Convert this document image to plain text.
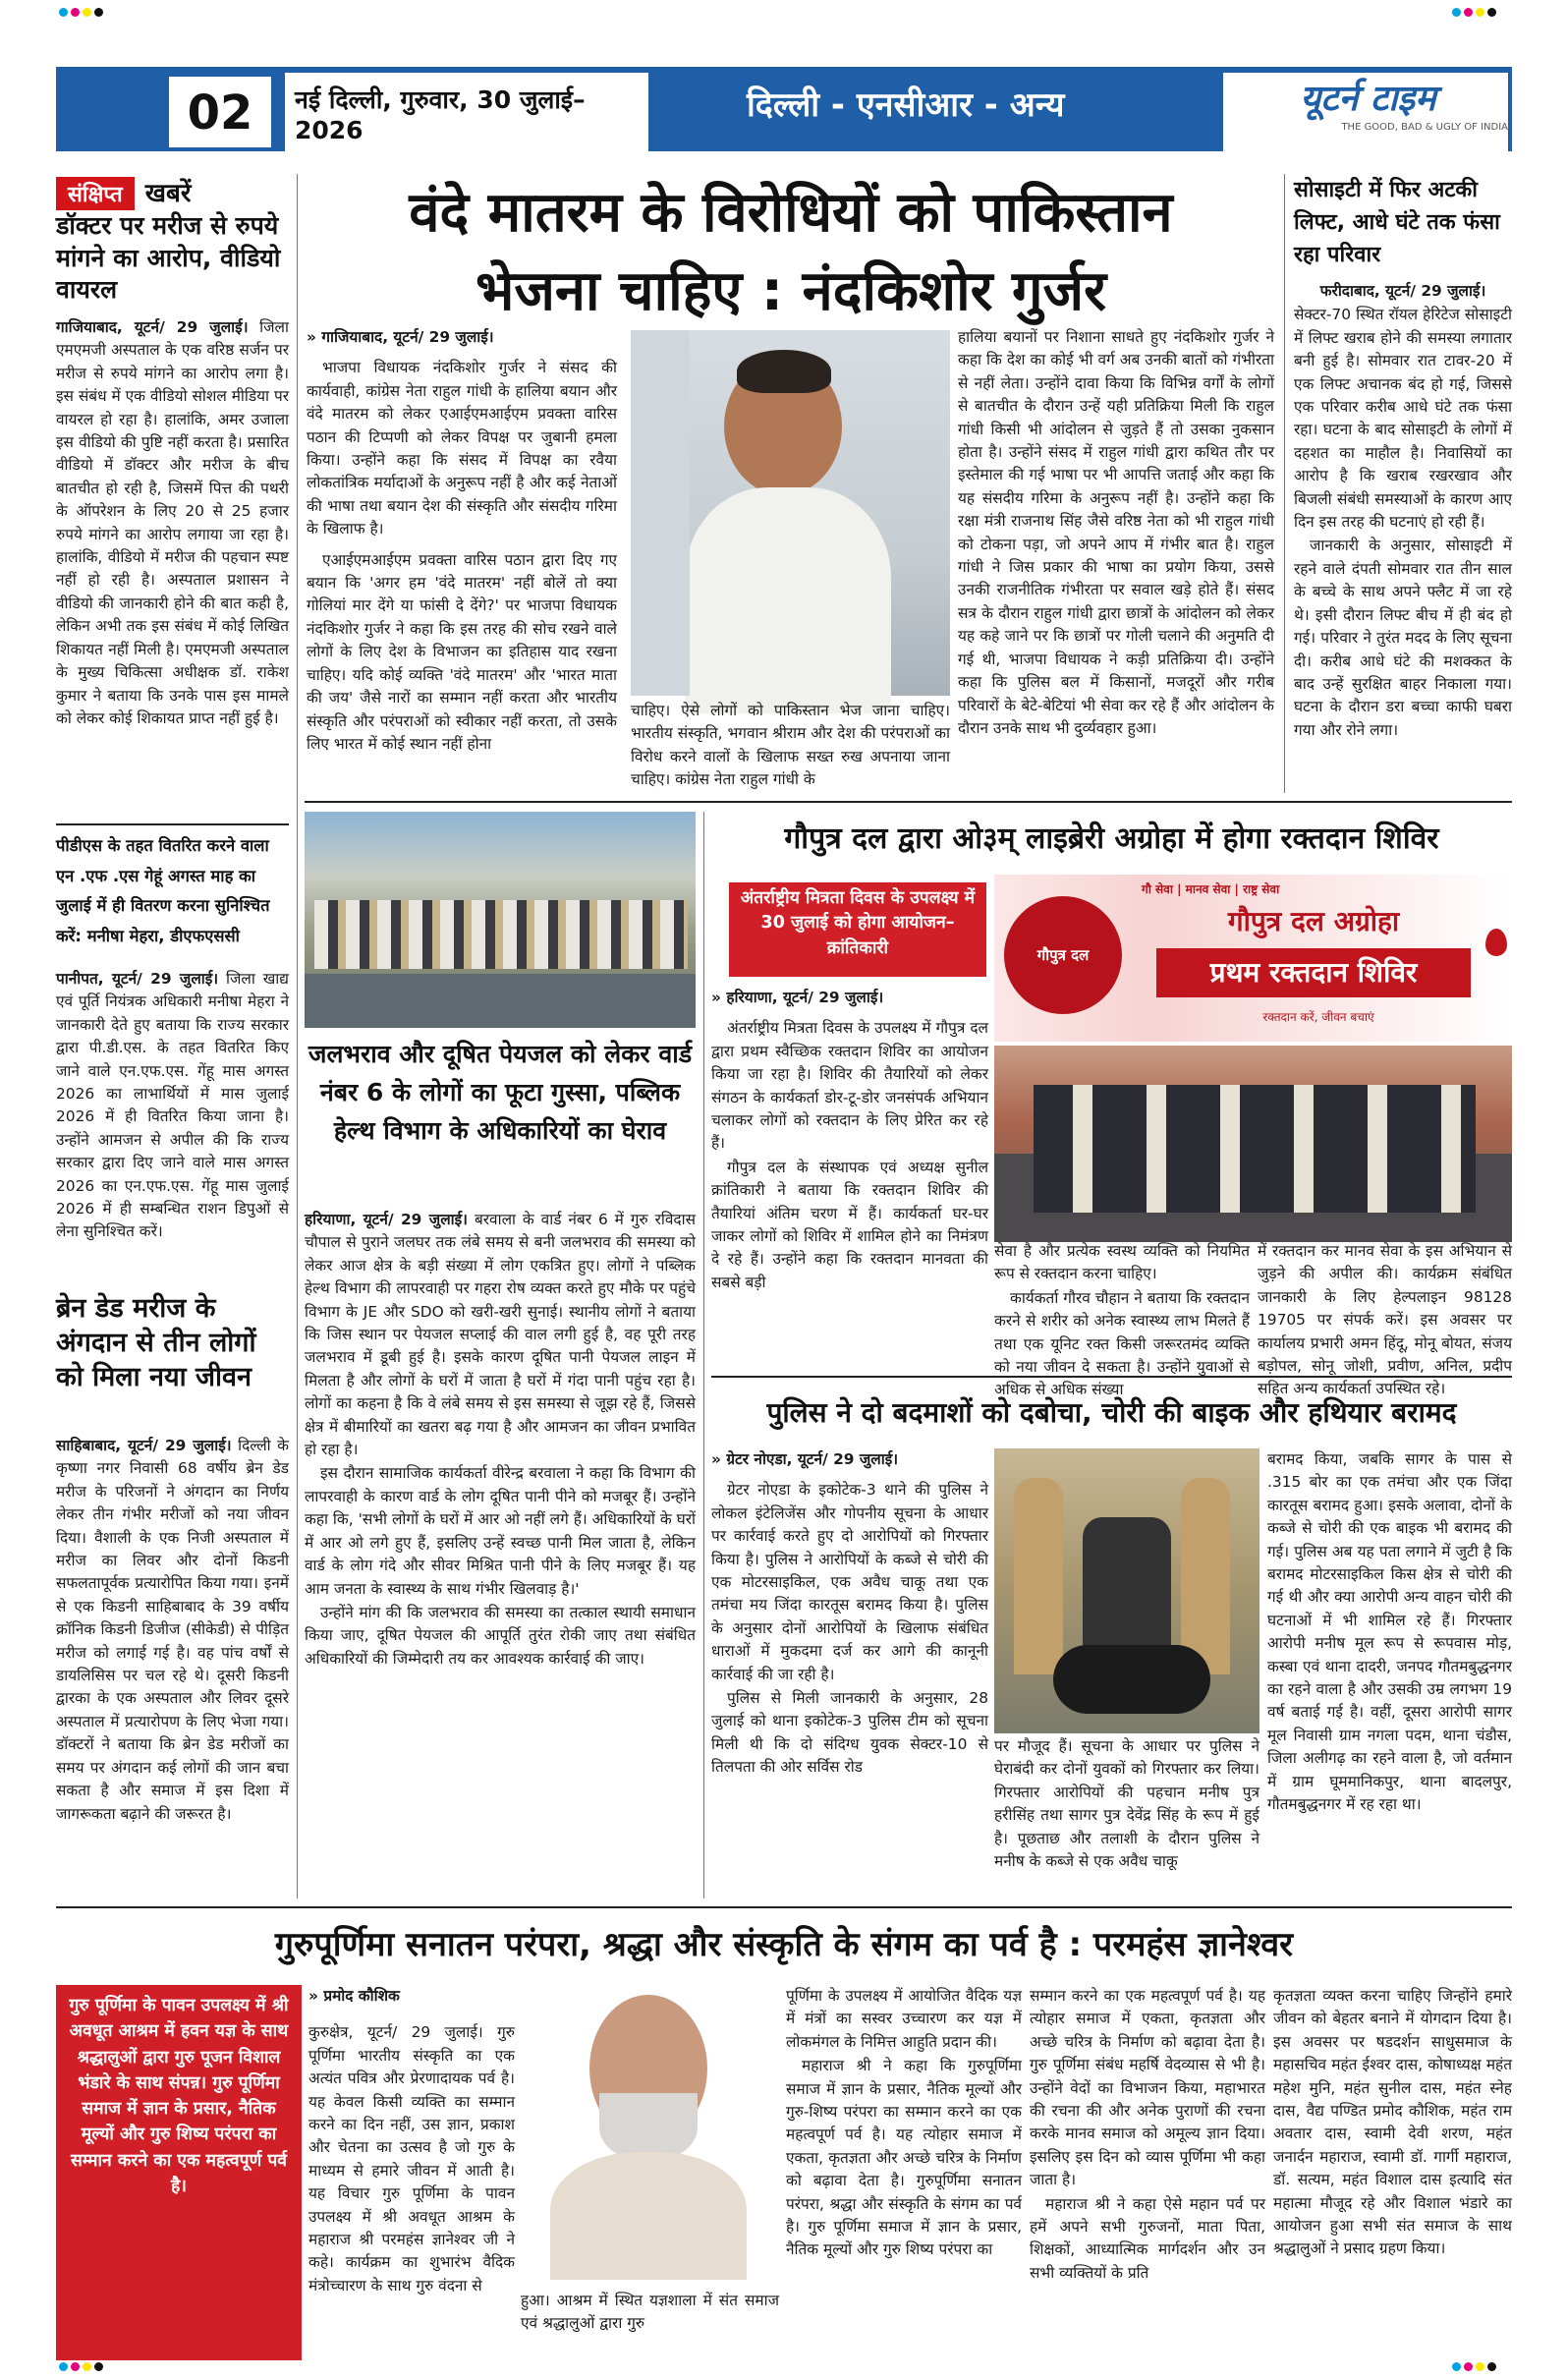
02	नई दिल्ली, गुरुवार, 30 जुलाई–2026
दिल्ली - एनसीआर - अन्य	यूटर्न टाइम
THE GOOD, BAD & UGLY OF INDIA
संक्षिप्त खबरें
डॉक्टर पर मरीज से रुपये मांगने का आरोप, वीडियो वायरल

गाजियाबाद, यूटर्न/ 29 जुलाई। जिला एमएमजी अस्पताल के एक वरिष्ठ सर्जन पर मरीज से रुपये मांगने का आरोप लगा है। इस संबंध में एक वीडियो सोशल मीडिया पर वायरल हो रहा है। हालांकि, अमर उजाला इस वीडियो की पुष्टि नहीं करता है। प्रसारित वीडियो में डॉक्टर और मरीज के बीच बातचीत हो रही है, जिसमें पित्त की पथरी के ऑपरेशन के लिए 20 से 25 हजार रुपये मांगने का आरोप लगाया जा रहा है। हालांकि, वीडियो में मरीज की पहचान स्पष्ट नहीं हो रही है। अस्पताल प्रशासन ने वीडियो की जानकारी होने की बात कही है, लेकिन अभी तक इस संबंध में कोई लिखित शिकायत नहीं मिली है। एमएमजी अस्पताल के मुख्य चिकित्सा अधीक्षक डॉ. राकेश कुमार ने बताया कि उनके पास इस मामले को लेकर कोई शिकायत प्राप्त नहीं हुई है।

पीडीएस के तहत वितरित करने वाला एन .एफ .एस गेहूं अगस्त माह का जुलाई में ही वितरण करना सुनिश्चित करें: मनीषा मेहरा, डीएफएससी

पानीपत, यूटर्न/ 29 जुलाई। जिला खाद्य एवं पूर्ति नियंत्रक अधिकारी मनीषा मेहरा ने जानकारी देते हुए बताया कि राज्य सरकार द्वारा पी.डी.एस. के तहत वितरित किए जाने वाले एन.एफ.एस. गेंहू मास अगस्त 2026 का लाभार्थियों में मास जुलाई 2026 में ही वितरित किया जाना है। उन्होंने आमजन से अपील की कि राज्य सरकार द्वारा दिए जाने वाले मास अगस्त 2026 का एन.एफ.एस. गेंहू मास जुलाई 2026 में ही सम्बन्धित राशन डिपुओं से लेना सुनिश्चित करें।

ब्रेन डेड मरीज के अंगदान से तीन लोगों को मिला नया जीवन

साहिबाबाद, यूटर्न/ 29 जुलाई। दिल्ली के कृष्णा नगर निवासी 68 वर्षीय ब्रेन डेड मरीज के परिजनों ने अंगदान का निर्णय लेकर तीन गंभीर मरीजों को नया जीवन दिया। वैशाली के एक निजी अस्पताल में मरीज का लिवर और दोनों किडनी सफलतापूर्वक प्रत्यारोपित किया गया। इनमें से एक किडनी साहिबाबाद के 39 वर्षीय क्रॉनिक किडनी डिजीज (सीकेडी) से पीड़ित मरीज को लगाई गई है। वह पांच वर्षों से डायलिसिस पर चल रहे थे। दूसरी किडनी द्वारका के एक अस्पताल और लिवर दूसरे अस्पताल में प्रत्यारोपण के लिए भेजा गया। डॉक्टरों ने बताया कि ब्रेन डेड मरीजों का समय पर अंगदान कई लोगों की जान बचा सकता है और समाज में इस दिशा में जागरूकता बढ़ाने की जरूरत है।

वंदे मातरम के विरोधियों को पाकिस्तान
भेजना चाहिए : नंदकिशोर गुर्जर

» गाजियाबाद, यूटर्न/ 29 जुलाई।

भाजपा विधायक नंदकिशोर गुर्जर ने संसद की कार्यवाही, कांग्रेस नेता राहुल गांधी के हालिया बयान और वंदे मातरम को लेकर एआईएमआईएम प्रवक्ता वारिस पठान की टिप्पणी को लेकर विपक्ष पर जुबानी हमला किया। उन्होंने कहा कि संसद में विपक्ष का रवैया लोकतांत्रिक मर्यादाओं के अनुरूप नहीं है और कई नेताओं की भाषा तथा बयान देश की संस्कृति और संसदीय गरिमा के खिलाफ है।

एआईएमआईएम प्रवक्ता वारिस पठान द्वारा दिए गए बयान कि 'अगर हम 'वंदे मातरम' नहीं बोलें तो क्या गोलियां मार देंगे या फांसी दे देंगे?' पर भाजपा विधायक नंदकिशोर गुर्जर ने कहा कि इस तरह की सोच रखने वाले लोगों के लिए देश के विभाजन का इतिहास याद रखना चाहिए। यदि कोई व्यक्ति 'वंदे मातरम' और 'भारत माता की जय' जैसे नारों का सम्मान नहीं करता और भारतीय संस्कृति और परंपराओं को स्वीकार नहीं करता, तो उसके लिए भारत में कोई स्थान नहीं होना

चाहिए। ऐसे लोगों को पाकिस्तान भेज जाना चाहिए। भारतीय संस्कृति, भगवान श्रीराम और देश की परंपराओं का विरोध करने वालों के खिलाफ सख्त रुख अपनाया जाना चाहिए। कांग्रेस नेता राहुल गांधी के

हालिया बयानों पर निशाना साधते हुए नंदकिशोर गुर्जर ने कहा कि देश का कोई भी वर्ग अब उनकी बातों को गंभीरता से नहीं लेता। उन्होंने दावा किया कि विभिन्न वर्गों के लोगों से बातचीत के दौरान उन्हें यही प्रतिक्रिया मिली कि राहुल गांधी किसी भी आंदोलन से जुड़ते हैं तो उसका नुकसान होता है। उन्होंने संसद में राहुल गांधी द्वारा कथित तौर पर इस्तेमाल की गई भाषा पर भी आपत्ति जताई और कहा कि यह संसदीय गरिमा के अनुरूप नहीं है। उन्होंने कहा कि रक्षा मंत्री राजनाथ सिंह जैसे वरिष्ठ नेता को भी राहुल गांधी को टोकना पड़ा, जो अपने आप में गंभीर बात है। राहुल गांधी ने जिस प्रकार की भाषा का प्रयोग किया, उससे उनकी राजनीतिक गंभीरता पर सवाल खड़े होते हैं। संसद सत्र के दौरान राहुल गांधी द्वारा छात्रों के आंदोलन को लेकर यह कहे जाने पर कि छात्रों पर गोली चलाने की अनुमति दी गई थी, भाजपा विधायक ने कड़ी प्रतिक्रिया दी। उन्होंने कहा कि पुलिस बल में किसानों, मजदूरों और गरीब परिवारों के बेटे-बेटियां भी सेवा कर रहे हैं और आंदोलन के दौरान उनके साथ भी दुर्व्यवहार हुआ।

सोसाइटी में फिर अटकी लिफ्ट, आधे घंटे तक फंसा रहा परिवार

फरीदाबाद, यूटर्न/ 29 जुलाई।

सेक्टर-70 स्थित रॉयल हेरिटेज सोसाइटी में लिफ्ट खराब होने की समस्या लगातार बनी हुई है। सोमवार रात टावर-20 में एक लिफ्ट अचानक बंद हो गई, जिससे एक परिवार करीब आधे घंटे तक फंसा रहा। घटना के बाद सोसाइटी के लोगों में दहशत का माहौल है। निवासियों का आरोप है कि खराब रखरखाव और बिजली संबंधी समस्याओं के कारण आए दिन इस तरह की घटनाएं हो रही हैं।

जानकारी के अनुसार, सोसाइटी में रहने वाले दंपती सोमवार रात तीन साल के बच्चे के साथ अपने फ्लैट में जा रहे थे। इसी दौरान लिफ्ट बीच में ही बंद हो गई। परिवार ने तुरंत मदद के लिए सूचना दी। करीब आधे घंटे की मशक्कत के बाद उन्हें सुरक्षित बाहर निकाला गया। घटना के दौरान डरा बच्चा काफी घबरा गया और रोने लगा।

जलभराव और दूषित पेयजल को लेकर वार्ड नंबर 6 के लोगों का फूटा गुस्सा, पब्लिक हेल्थ विभाग के अधिकारियों का घेराव

हरियाणा, यूटर्न/ 29 जुलाई। बरवाला के वार्ड नंबर 6 में गुरु रविदास चौपाल से पुराने जलघर तक लंबे समय से बनी जलभराव की समस्या को लेकर आज क्षेत्र के बड़ी संख्या में लोग एकत्रित हुए। लोगों ने पब्लिक हेल्थ विभाग की लापरवाही पर गहरा रोष व्यक्त करते हुए मौके पर पहुंचे विभाग के JE और SDO को खरी-खरी सुनाई। स्थानीय लोगों ने बताया कि जिस स्थान पर पेयजल सप्लाई की वाल लगी हुई है, वह पूरी तरह जलभराव में डूबी हुई है। इसके कारण दूषित पानी पेयजल लाइन में मिलता है और लोगों के घरों में जाता है घरों में गंदा पानी पहुंच रहा है। लोगों का कहना है कि वे लंबे समय से इस समस्या से जूझ रहे हैं, जिससे क्षेत्र में बीमारियों का खतरा बढ़ गया है और आमजन का जीवन प्रभावित हो रहा है।

इस दौरान सामाजिक कार्यकर्ता वीरेन्द्र बरवाला ने कहा कि विभाग की लापरवाही के कारण वार्ड के लोग दूषित पानी पीने को मजबूर हैं। उन्होंने कहा कि, 'सभी लोगों के घरों में आर ओ नहीं लगे हैं। अधिकारियों के घरों में आर ओ लगे हुए हैं, इसलिए उन्हें स्वच्छ पानी मिल जाता है, लेकिन वार्ड के लोग गंदे और सीवर मिश्रित पानी पीने के लिए मजबूर हैं। यह आम जनता के स्वास्थ्य के साथ गंभीर खिलवाड़ है।'

उन्होंने मांग की कि जलभराव की समस्या का तत्काल स्थायी समाधान किया जाए, दूषित पेयजल की आपूर्ति तुरंत रोकी जाए तथा संबंधित अधिकारियों की जिम्मेदारी तय कर आवश्यक कार्रवाई की जाए।

गौपुत्र दल द्वारा ओ३म् लाइब्रेरी अग्रोहा में होगा रक्तदान शिविर
अंतर्राष्ट्रीय मित्रता दिवस के उपलक्ष्य में 30 जुलाई को होगा आयोजन–क्रांतिकारी

» हरियाणा, यूटर्न/ 29 जुलाई।

अंतर्राष्ट्रीय मित्रता दिवस के उपलक्ष्य में गौपुत्र दल द्वारा प्रथम स्वैच्छिक रक्तदान शिविर का आयोजन किया जा रहा है। शिविर की तैयारियों को लेकर संगठन के कार्यकर्ता डोर-टू-डोर जनसंपर्क अभियान चलाकर लोगों को रक्तदान के लिए प्रेरित कर रहे हैं।

गौपुत्र दल के संस्थापक एवं अध्यक्ष सुनील क्रांतिकारी ने बताया कि रक्तदान शिविर की तैयारियां अंतिम चरण में हैं। कार्यकर्ता घर-घर जाकर लोगों को शिविर में शामिल होने का निमंत्रण दे रहे हैं। उन्होंने कहा कि रक्तदान मानवता की सबसे बड़ी

गौ सेवा | मानव सेवा | राष्ट्र सेवा
गौपुत्र दल
गौपुत्र दल अग्रोहा
प्रथम रक्तदान शिविर
रक्तदान करें, जीवन बचाएं

सेवा है और प्रत्येक स्वस्थ व्यक्ति को नियमित रूप से रक्तदान करना चाहिए।

कार्यकर्ता गौरव चौहान ने बताया कि रक्तदान करने से शरीर को अनेक स्वास्थ्य लाभ मिलते हैं तथा एक यूनिट रक्त किसी जरूरतमंद व्यक्ति को नया जीवन दे सकता है। उन्होंने युवाओं से अधिक से अधिक संख्या

में रक्तदान कर मानव सेवा के इस अभियान से जुड़ने की अपील की। कार्यक्रम संबंधित जानकारी के लिए हेल्पलाइन 98128 19705 पर संपर्क करें। इस अवसर पर कार्यालय प्रभारी अमन हिंदू, मोनू बोयत, संजय बड़ोपल, सोनू जोशी, प्रवीण, अनिल, प्रदीप सहित अन्य कार्यकर्ता उपस्थित रहे।

पुलिस ने दो बदमाशों को दबोचा, चोरी की बाइक और हथियार बरामद

» ग्रेटर नोएडा, यूटर्न/ 29 जुलाई।

ग्रेटर नोएडा के इकोटेक-3 थाने की पुलिस ने लोकल इंटेलिजेंस और गोपनीय सूचना के आधार पर कार्रवाई करते हुए दो आरोपियों को गिरफ्तार किया है। पुलिस ने आरोपियों के कब्जे से चोरी की एक मोटरसाइकिल, एक अवैध चाकू तथा एक तमंचा मय जिंदा कारतूस बरामद किया है। पुलिस के अनुसार दोनों आरोपियों के खिलाफ संबंधित धाराओं में मुकदमा दर्ज कर आगे की कानूनी कार्रवाई की जा रही है।

पुलिस से मिली जानकारी के अनुसार, 28 जुलाई को थाना इकोटेक-3 पुलिस टीम को सूचना मिली थी कि दो संदिग्ध युवक सेक्टर-10 से तिलपता की ओर सर्विस रोड

पर मौजूद हैं। सूचना के आधार पर पुलिस ने घेराबंदी कर दोनों युवकों को गिरफ्तार कर लिया। गिरफ्तार आरोपियों की पहचान मनीष पुत्र हरीसिंह तथा सागर पुत्र देवेंद्र सिंह के रूप में हुई है। पूछताछ और तलाशी के दौरान पुलिस ने मनीष के कब्जे से एक अवैध चाकू

बरामद किया, जबकि सागर के पास से .315 बोर का एक तमंचा और एक जिंदा कारतूस बरामद हुआ। इसके अलावा, दोनों के कब्जे से चोरी की एक बाइक भी बरामद की गई। पुलिस अब यह पता लगाने में जुटी है कि बरामद मोटरसाइकिल किस क्षेत्र से चोरी की गई थी और क्या आरोपी अन्य वाहन चोरी की घटनाओं में भी शामिल रहे हैं। गिरफ्तार आरोपी मनीष मूल रूप से रूपवास मोड़, कस्बा एवं थाना दादरी, जनपद गौतमबुद्धनगर का रहने वाला है और उसकी उम्र लगभग 19 वर्ष बताई गई है। वहीं, दूसरा आरोपी सागर मूल निवासी ग्राम नगला पदम, थाना चंडौस, जिला अलीगढ़ का रहने वाला है, जो वर्तमान में ग्राम घूममानिकपुर, थाना बादलपुर, गौतमबुद्धनगर में रह रहा था।

गुरुपूर्णिमा सनातन परंपरा, श्रद्धा और संस्कृति के संगम का पर्व है : परमहंस ज्ञानेश्वर
गुरु पूर्णिमा के पावन उपलक्ष्य में श्री अवधूत आश्रम में हवन यज्ञ के साथ श्रद्धालुओं द्वारा गुरु पूजन विशाल भंडारे के साथ संपन्न। गुरु पूर्णिमा समाज में ज्ञान के प्रसार, नैतिक मूल्यों और गुरु शिष्य परंपरा का सम्मान करने का एक महत्वपूर्ण पर्व है।

» प्रमोद कौशिक

कुरुक्षेत्र, यूटर्न/ 29 जुलाई। गुरु पूर्णिमा भारतीय संस्कृति का एक अत्यंत पवित्र और प्रेरणादायक पर्व है। यह केवल किसी व्यक्ति का सम्मान करने का दिन नहीं, उस ज्ञान, प्रकाश और चेतना का उत्सव है जो गुरु के माध्यम से हमारे जीवन में आती है। यह विचार गुरु पूर्णिमा के पावन उपलक्ष्य में श्री अवधूत आश्रम के महाराज श्री परमहंस ज्ञानेश्वर जी ने कहे। कार्यक्रम का शुभारंभ वैदिक मंत्रोच्चारण के साथ गुरु वंदना से

हुआ। आश्रम में स्थित यज्ञशाला में संत समाज एवं श्रद्धालुओं द्वारा गुरु

पूर्णिमा के उपलक्ष्य में आयोजित वैदिक यज्ञ में मंत्रों का सस्वर उच्चारण कर यज्ञ में लोकमंगल के निमित्त आहुति प्रदान की।

महाराज श्री ने कहा कि गुरुपूर्णिमा समाज में ज्ञान के प्रसार, नैतिक मूल्यों और गुरु-शिष्य परंपरा का सम्मान करने का एक महत्वपूर्ण पर्व है। यह त्योहार समाज में एकता, कृतज्ञता और अच्छे चरित्र के निर्माण को बढ़ावा देता है। गुरुपूर्णिमा सनातन परंपरा, श्रद्धा और संस्कृति के संगम का पर्व है। गुरु पूर्णिमा समाज में ज्ञान के प्रसार, नैतिक मूल्यों और गुरु शिष्य परंपरा का

सम्मान करने का एक महत्वपूर्ण पर्व है। यह त्योहार समाज में एकता, कृतज्ञता और अच्छे चरित्र के निर्माण को बढ़ावा देता है। गुरु पूर्णिमा संबंध महर्षि वेदव्यास से भी है। उन्होंने वेदों का विभाजन किया, महाभारत की रचना की और अनेक पुराणों की रचना करके मानव समाज को अमूल्य ज्ञान दिया। इसलिए इस दिन को व्यास पूर्णिमा भी कहा जाता है।

महाराज श्री ने कहा ऐसे महान पर्व पर हमें अपने सभी गुरुजनों, माता पिता, शिक्षकों, आध्यात्मिक मार्गदर्शन और उन सभी व्यक्तियों के प्रति

कृतज्ञता व्यक्त करना चाहिए जिन्होंने हमारे जीवन को बेहतर बनाने में योगदान दिया है। इस अवसर पर षडदर्शन साधुसमाज के महासचिव महंत ईश्वर दास, कोषाध्यक्ष महंत महेश मुनि, महंत सुनील दास, महंत स्नेह दास, वैद्य पण्डित प्रमोद कौशिक, महंत राम अवतार दास, स्वामी देवी शरण, महंत जनार्दन महाराज, स्वामी डॉ. गार्गी महाराज, डॉ. सत्यम, महंत विशाल दास इत्यादि संत महात्मा मौजूद रहे और विशाल भंडारे का आयोजन हुआ सभी संत समाज के साथ श्रद्धालुओं ने प्रसाद ग्रहण किया।
